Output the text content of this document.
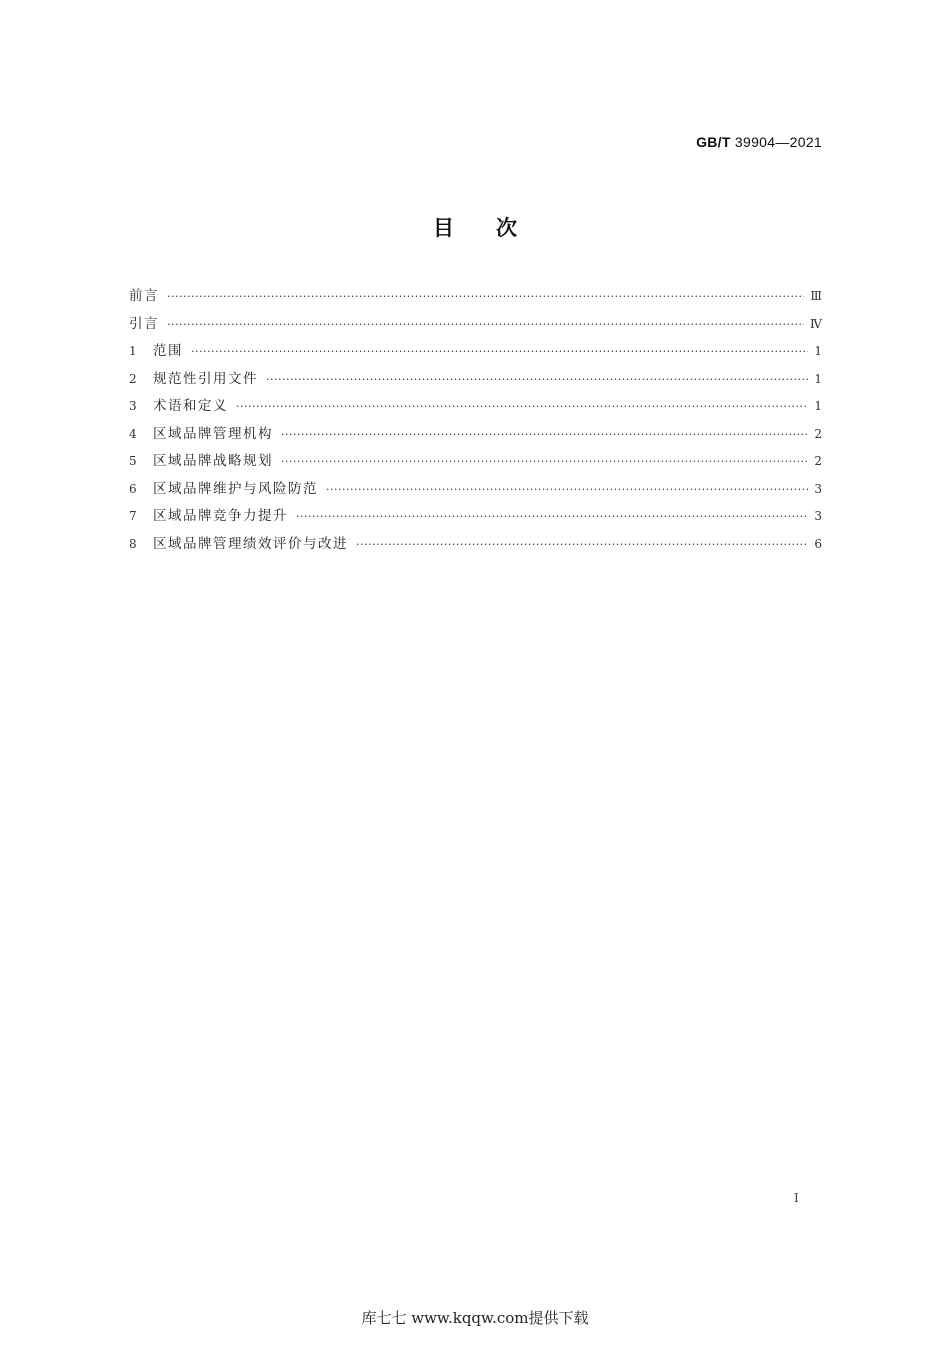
GB/T 39904—2021
目次
前言 ·····	Ⅲ
引言 ·····	Ⅳ
1	范围 ·····	1
2	规范性引用文件 ·····	1
3	术语和定义 ·····	1
4	区域品牌管理机构 ·····	2
5	区域品牌战略规划 ·····	2
6	区域品牌维护与风险防范 ·····	3
7	区域品牌竞争力提升 ·····	3
8	区域品牌管理绩效评价与改进 ·····	6
I
库七七 www.kqqw.com提供下载
